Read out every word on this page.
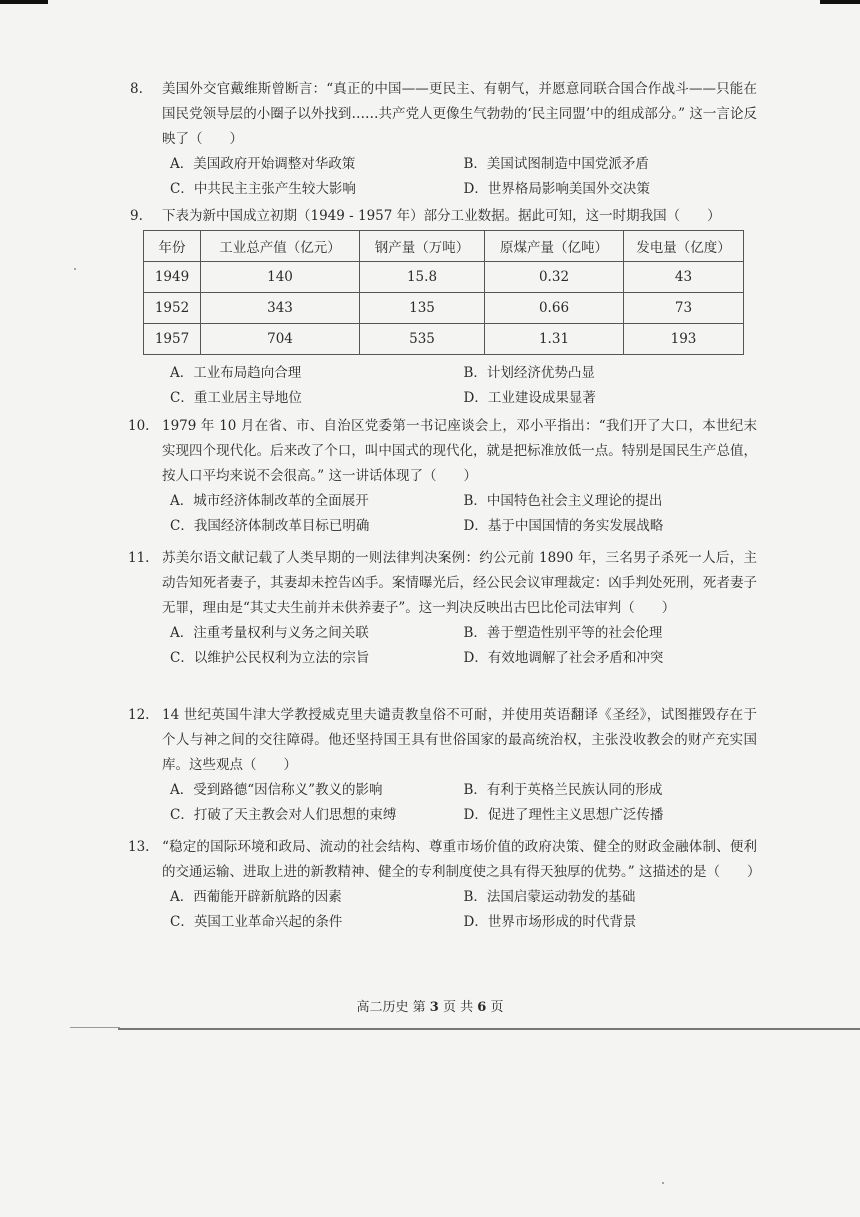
8.	美国外交官戴维斯曾断言：“真正的中国——更民主、有朝气，并愿意同联合国合作战斗——只能在国民党领导层的小圈子以外找到……共产党人更像生气勃勃的‘民主同盟’中的组成部分。” 这一言论反映了（　　）
A．美国政府开始调整对华政策	B．美国试图制造中国党派矛盾
C．中共民主主张产生较大影响	D．世界格局影响美国外交决策
9.	下表为新中国成立初期（1949 - 1957 年）部分工业数据。据此可知，这一时期我国（　　）
年份	工业总产值（亿元）	钢产量（万吨）	原煤产量（亿吨）	发电量（亿度）
1949	140	15.8	0.32	43
1952	343	135	0.66	73
1957	704	535	1.31	193
A．工业布局趋向合理	B．计划经济优势凸显
C．重工业居主导地位	D．工业建设成果显著
10. 1979 年 10 月在省、市、自治区党委第一书记座谈会上，邓小平指出：“我们开了大口，本世纪末实现四个现代化。后来改了个口，叫中国式的现代化，就是把标准放低一点。特别是国民生产总值，按人口平均来说不会很高。” 这一讲话体现了（　　）
A．城市经济体制改革的全面展开	B．中国特色社会主义理论的提出
C．我国经济体制改革目标已明确	D．基于中国国情的务实发展战略
11. 苏美尔语文献记载了人类早期的一则法律判决案例：约公元前 1890 年，三名男子杀死一人后，主动告知死者妻子，其妻却未控告凶手。案情曝光后，经公民会议审理裁定：凶手判处死刑，死者妻子无罪，理由是“其丈夫生前并未供养妻子”。这一判决反映出古巴比伦司法审判（　　）
A．注重考量权利与义务之间关联	B．善于塑造性别平等的社会伦理
C．以维护公民权利为立法的宗旨	D．有效地调解了社会矛盾和冲突
12. 14 世纪英国牛津大学教授威克里夫谴责教皇俗不可耐，并使用英语翻译《圣经》，试图摧毁存在于个人与神之间的交往障碍。他还坚持国王具有世俗国家的最高统治权，主张没收教会的财产充实国库。这些观点（　　）
A．受到路德“因信称义”教义的影响	B．有利于英格兰民族认同的形成
C．打破了天主教会对人们思想的束缚	D．促进了理性主义思想广泛传播
13. “稳定的国际环境和政局、流动的社会结构、尊重市场价值的政府决策、健全的财政金融体制、便利的交通运输、进取上进的新教精神、健全的专利制度使之具有得天独厚的优势。” 这描述的是（　　）
A．西葡能开辟新航路的因素	B．法国启蒙运动勃发的基础
C．英国工业革命兴起的条件	D．世界市场形成的时代背景
高二历史 第 3 页 共 6 页
